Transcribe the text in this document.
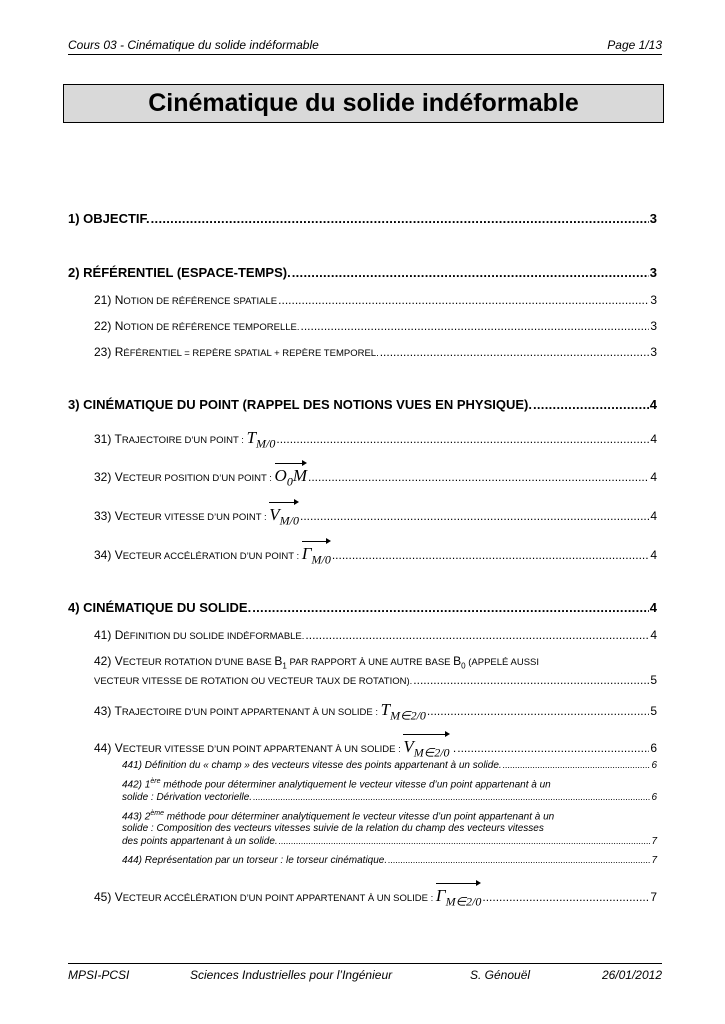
Cours 03 - Cinématique du solide indéformable	Page 1/13
Cinématique du solide indéformable
1) OBJECTIF. .....	3
2) RÉFÉRENTIEL (ESPACE-TEMPS). .....	3
21) NOTION DE RÉFÉRENCE SPATIALE .....	3
22) NOTION DE RÉFÉRENCE TEMPORELLE. .....	3
23) RÉFÉRENTIEL = REPÈRE SPATIAL + REPÈRE TEMPOREL. .....	3
3) CINÉMATIQUE DU POINT (RAPPEL DES NOTIONS VUES EN PHYSIQUE). .....	4
31) TRAJECTOIRE D’UN POINT : $T_{M/0}$ .....	4
32) VECTEUR POSITION D’UN POINT : $O_0M$ .....	4
33) VECTEUR VITESSE D’UN POINT : $V_{M/0}$ .....	4
34) VECTEUR ACCÉLÉRATION D’UN POINT : $\Gamma_{M/0}$ .....	4
4) CINÉMATIQUE DU SOLIDE. .....	4
41) DÉFINITION DU SOLIDE INDÉFORMABLE. .....	4
42) VECTEUR ROTATION D’UNE BASE $B_1$ PAR RAPPORT À UNE AUTRE BASE $B_0$ (APPELÉ AUSSI
VECTEUR VITESSE DE ROTATION OU VECTEUR TAUX DE ROTATION). .....	5
43) TRAJECTOIRE D’UN POINT APPARTENANT À UN SOLIDE : $T_{M\in 2/0}$ .....	5
44) VECTEUR VITESSE D’UN POINT APPARTENANT À UN SOLIDE : $V_{M\in 2/0}$ . .....	6
441) Définition du « champ » des vecteurs vitesse des points appartenant à un solide. .....	6
442) 1ère méthode pour déterminer analytiquement le vecteur vitesse d’un point appartenant à un
solide : Dérivation vectorielle. .....	6
443) 2ème méthode pour déterminer analytiquement le vecteur vitesse d’un point appartenant à un
solide : Composition des vecteurs vitesses suivie de la relation du champ des vecteurs vitesses
des points appartenant à un solide. .....	7
444) Représentation par un torseur : le torseur cinématique. .....	7
45) VECTEUR ACCÉLÉRATION D’UN POINT APPARTENANT À UN SOLIDE : $\Gamma_{M\in 2/0}$ .....	7
MPSI-PCSI	Sciences Industrielles pour l’Ingénieur	S. Génouël	26/01/2012
